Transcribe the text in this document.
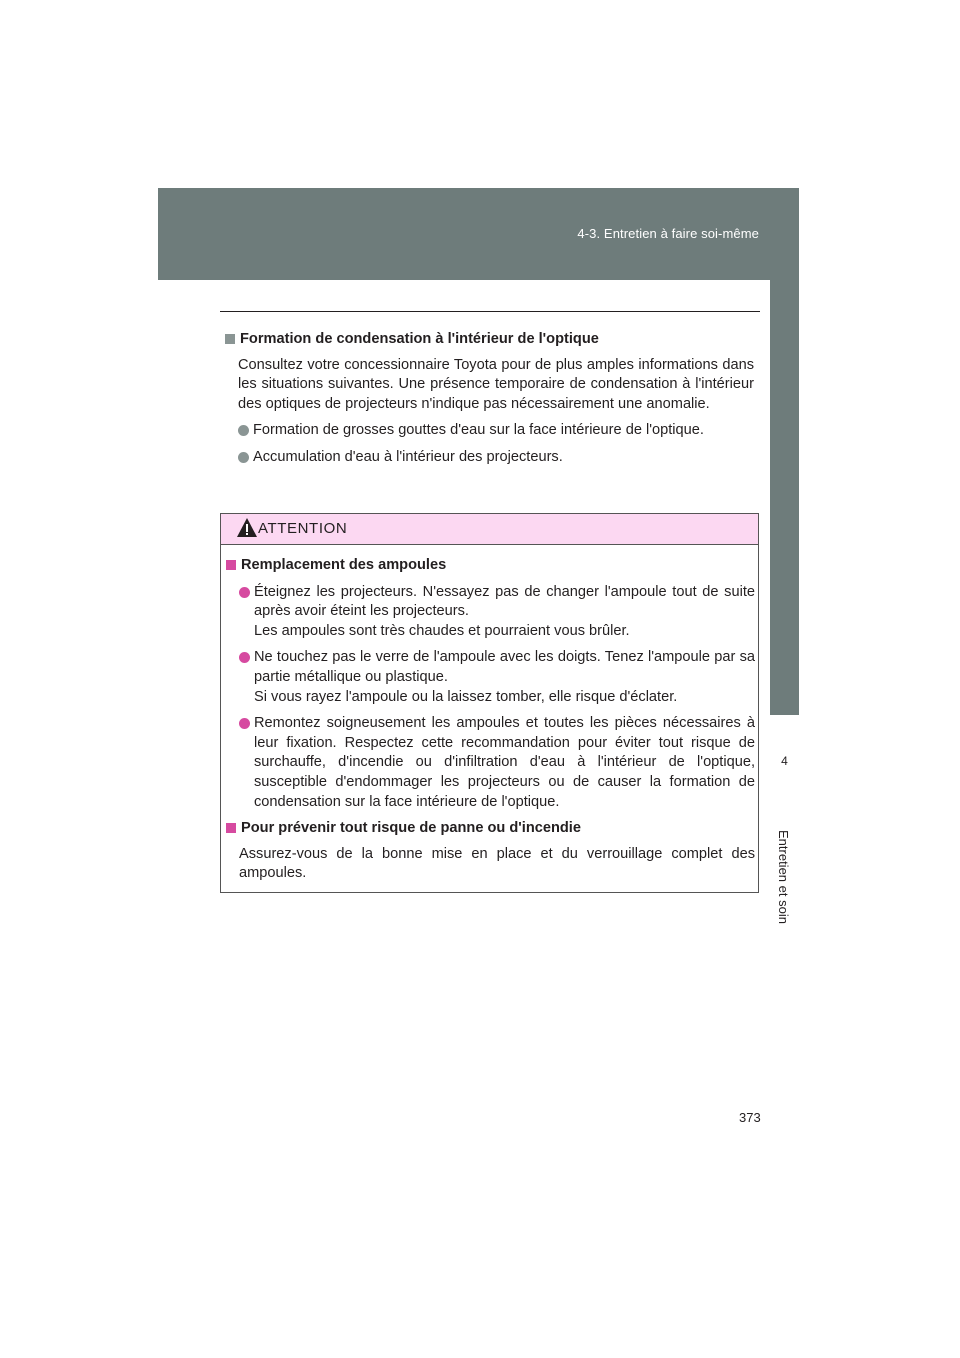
4-3. Entretien à faire soi-même
4
Entretien et soin
Formation de condensation à l'intérieur de l'optique
Consultez votre concessionnaire Toyota pour de plus amples informations dans les situations suivantes. Une présence temporaire de condensation à l'intérieur des optiques de projecteurs n'indique pas nécessairement une anomalie.
Formation de grosses gouttes d'eau sur la face intérieure de l'optique.
Accumulation d'eau à l'intérieur des projecteurs.
ATTENTION
Remplacement des ampoules
Éteignez les projecteurs. N'essayez pas de changer l'ampoule tout de suite après avoir éteint les projecteurs.
Les ampoules sont très chaudes et pourraient vous brûler.
Ne touchez pas le verre de l'ampoule avec les doigts. Tenez l'ampoule par sa partie métallique ou plastique.
Si vous rayez l'ampoule ou la laissez tomber, elle risque d'éclater.
Remontez soigneusement les ampoules et toutes les pièces nécessaires à leur fixation. Respectez cette recommandation pour éviter tout risque de surchauffe, d'incendie ou d'infiltration d'eau à l'intérieur de l'optique, susceptible d'endommager les projecteurs ou de causer la formation de condensation sur la face intérieure de l'optique.
Pour prévenir tout risque de panne ou d'incendie
Assurez-vous de la bonne mise en place et du verrouillage complet des ampoules.
373
